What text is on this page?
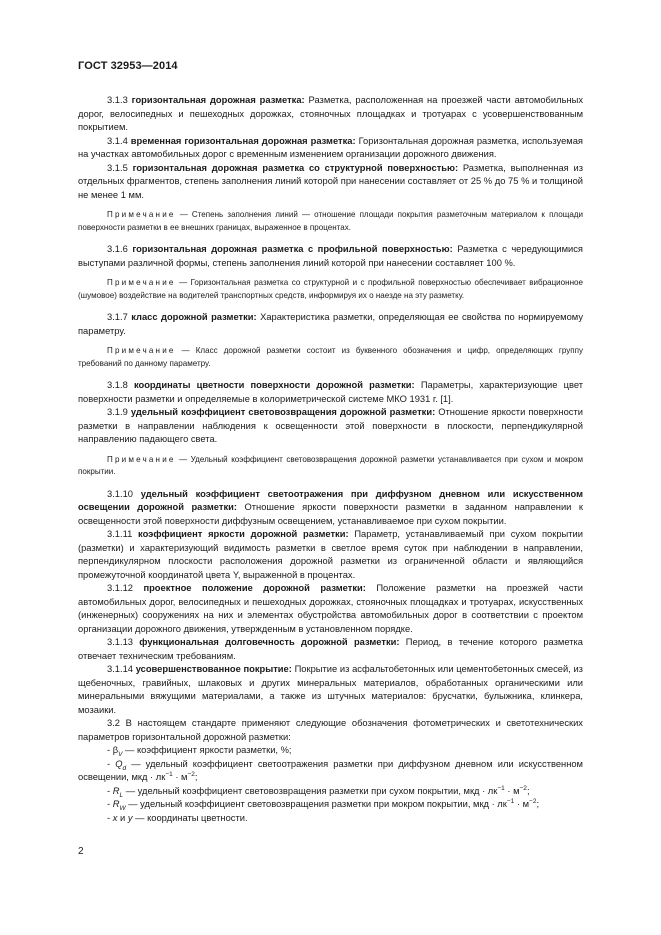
ГОСТ 32953—2014

3.1.3 горизонтальная дорожная разметка: Разметка, расположенная на проезжей части автомобильных дорог, велосипедных и пешеходных дорожках, стояночных площадках и тротуарах с усовершенствованным покрытием.

3.1.4 временная горизонтальная дорожная разметка: Горизонтальная дорожная разметка, используемая на участках автомобильных дорог с временным изменением организации дорожного движения.

3.1.5 горизонтальная дорожная разметка со структурной поверхностью: Разметка, выполненная из отдельных фрагментов, степень заполнения линий которой при нанесении составляет от 25 % до 75 % и толщиной не менее 1 мм.

Примечание — Степень заполнения линий — отношение площади покрытия разметочным материалом к площади поверхности разметки в ее внешних границах, выраженное в процентах.

3.1.6 горизонтальная дорожная разметка с профильной поверхностью: Разметка с чередующимися выступами различной формы, степень заполнения линий которой при нанесении составляет 100 %.

Примечание — Горизонтальная разметка со структурной и с профильной поверхностью обеспечивает вибрационное (шумовое) воздействие на водителей транспортных средств, информируя их о наезде на эту разметку.

3.1.7 класс дорожной разметки: Характеристика разметки, определяющая ее свойства по нормируемому параметру.

Примечание — Класс дорожной разметки состоит из буквенного обозначения и цифр, определяющих группу требований по данному параметру.

3.1.8 координаты цветности поверхности дорожной разметки: Параметры, характеризующие цвет поверхности разметки и определяемые в колориметрической системе МКО 1931 г. [1].

3.1.9 удельный коэффициент световозвращения дорожной разметки: Отношение яркости поверхности разметки в направлении наблюдения к освещенности этой поверхности в плоскости, перпендикулярной направлению падающего света.

Примечание — Удельный коэффициент световозвращения дорожной разметки устанавливается при сухом и мокром покрытии.

3.1.10 удельный коэффициент светоотражения при диффузном дневном или искусственном освещении дорожной разметки: Отношение яркости поверхности разметки в заданном направлении к освещенности этой поверхности диффузным освещением, устанавливаемое при сухом покрытии.

3.1.11 коэффициент яркости дорожной разметки: Параметр, устанавливаемый при сухом покрытии (разметки) и характеризующий видимость разметки в светлое время суток при наблюдении в направлении, перпендикулярном плоскости расположения дорожной разметки из ограниченной области и являющийся промежуточной координатой цвета Y, выраженной в процентах.

3.1.12 проектное положение дорожной разметки: Положение разметки на проезжей части автомобильных дорог, велосипедных и пешеходных дорожках, стояночных площадках и тротуарах, искусственных (инженерных) сооружениях на них и элементах обустройства автомобильных дорог в соответствии с проектом организации дорожного движения, утвержденным в установленном порядке.

3.1.13 функциональная долговечность дорожной разметки: Период, в течение которого разметка отвечает техническим требованиям.

3.1.14 усовершенствованное покрытие: Покрытие из асфальтобетонных или цементобетонных смесей, из щебеночных, гравийных, шлаковых и других минеральных материалов, обработанных органическими или минеральными вяжущими материалами, а также из штучных материалов: брусчатки, булыжника, клинкера, мозаики.

3.2 В настоящем стандарте применяют следующие обозначения фотометрических и светотехнических параметров горизонтальной дорожной разметки:

- $\beta_V$ — коэффициент яркости разметки, %;

- $Q_d$ — удельный коэффициент светоотражения разметки при диффузном дневном или искусственном освещении, мкд · $лк^{-1} \cdot м^{-2}$;

- $R_L$ — удельный коэффициент световозвращения разметки при сухом покрытии, мкд · $лк^{-1} \cdot м^{-2}$;

- $R_W$ — удельный коэффициент световозвращения разметки при мокром покрытии, мкд · $лк^{-1} \cdot м^{-2}$;

- x и y — координаты цветности.

2
